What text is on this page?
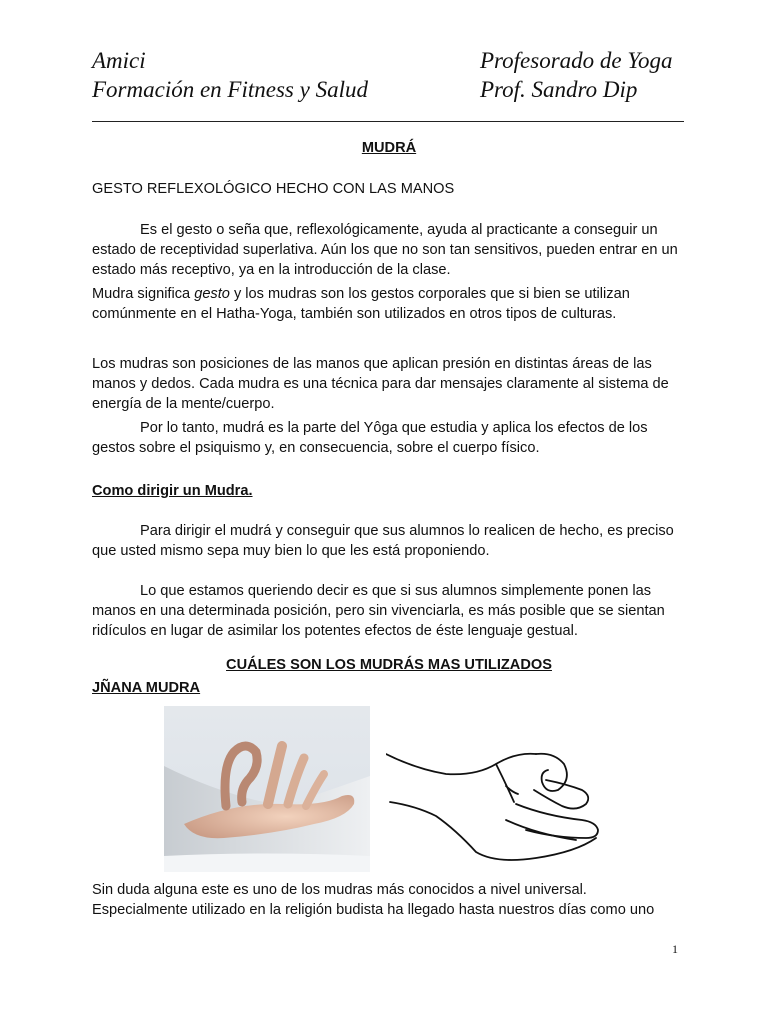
Amici
Formación en Fitness y Salud
Profesorado de Yoga
Prof. Sandro Dip

MUDRÁ

GESTO REFLEXOLÓGICO HECHO CON LAS MANOS

Es el gesto o seña que, reflexológicamente, ayuda al practicante a conseguir un estado de receptividad superlativa. Aún los que no son tan sensitivos, pueden entrar en un estado más receptivo, ya en la introducción de la clase.

Mudra significa gesto y los mudras son los gestos corporales que si bien se utilizan comúnmente en el Hatha-Yoga, también son utilizados en otros tipos de culturas.

Los mudras son posiciones de las manos que aplican presión en distintas áreas de las manos y dedos. Cada mudra es una técnica para dar mensajes claramente al sistema de energía de la mente/cuerpo.

Por lo tanto, mudrá es la parte del Yôga que estudia y aplica los efectos de los gestos sobre el psiquismo y, en consecuencia, sobre el cuerpo físico.

Como dirigir un Mudra.

Para dirigir el mudrá y conseguir que sus alumnos lo realicen de hecho, es preciso que usted mismo sepa muy bien lo que les está proponiendo.

Lo que estamos queriendo decir es que si sus alumnos simplemente ponen las manos en una determinada posición, pero sin vivenciarla, es más posible que se sientan ridículos en lugar de asimilar los potentes efectos de éste lenguaje gestual.

CUÁLES SON LOS MUDRÁS MAS UTILIZADOS

JÑANA MUDRA

Sin duda alguna este es uno de los mudras más conocidos a nivel universal. Especialmente utilizado en la religión budista ha llegado hasta nuestros días como uno

1
